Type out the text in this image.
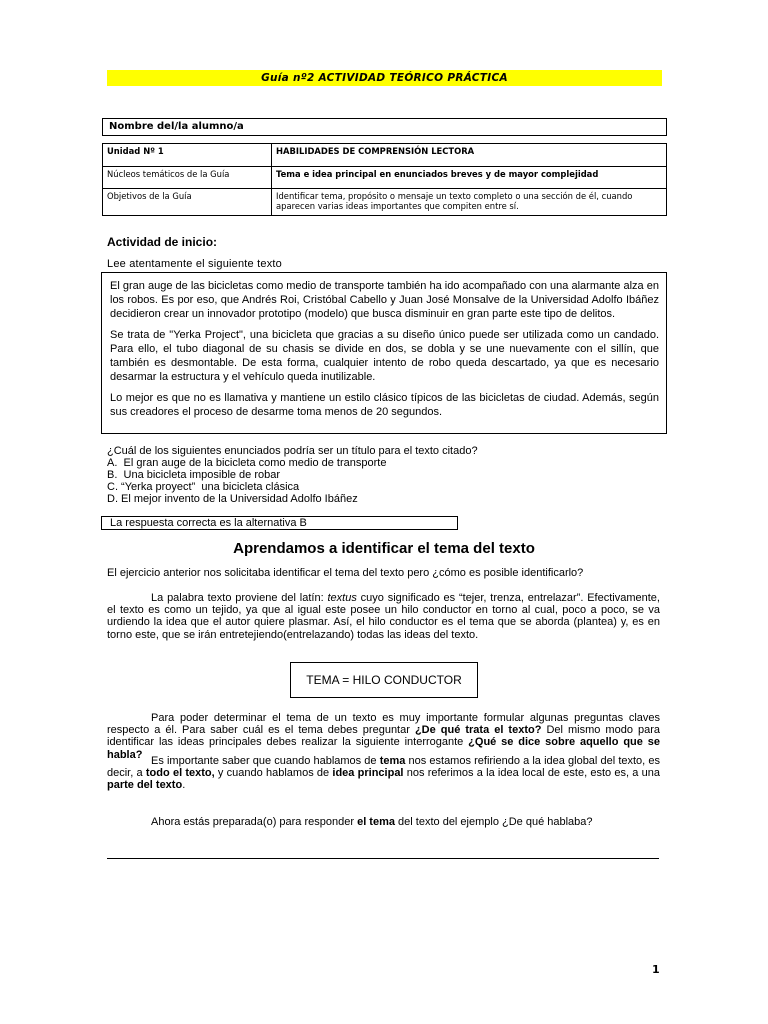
Guía nº2 ACTIVIDAD TEÓRICO PRÁCTICA
Nombre del/la alumno/a
Unidad Nº 1	HABILIDADES DE COMPRENSIÓN LECTORA
Núcleos temáticos de la Guía	Tema e idea principal en enunciados breves y de mayor complejidad
Objetivos de la Guía	Identificar tema, propósito o mensaje un texto completo o una sección de él, cuando aparecen varias ideas importantes que compiten entre sí.
Actividad de inicio:
Lee atentamente el siguiente texto

El gran auge de las bicicletas como medio de transporte también ha ido acompañado con una alarmante alza en los robos. Es por eso, que Andrés Roi, Cristóbal Cabello y Juan José Monsalve de la Universidad Adolfo Ibáñez decidieron crear un innovador prototipo (modelo) que busca disminuir en gran parte este tipo de delitos.

Se trata de "Yerka Project", una bicicleta que gracias a su diseño único puede ser utilizada como un candado. Para ello, el tubo diagonal de su chasis se divide en dos, se dobla y se une nuevamente con el sillín, que también es desmontable. De esta forma, cualquier intento de robo queda descartado, ya que es necesario desarmar la estructura y el vehículo queda inutilizable.

Lo mejor es que no es llamativa y mantiene un estilo clásico típicos de las bicicletas de ciudad. Además, según sus creadores el proceso de desarme toma menos de 20 segundos.

¿Cuál de los siguientes enunciados podría ser un título para el texto citado?
A.  El gran auge de la bicicleta como medio de transporte
B.  Una bicicleta imposible de robar
C. “Yerka proyect”  una bicicleta clásica
D. El mejor invento de la Universidad Adolfo Ibáñez
La respuesta correcta es la alternativa B
Aprendamos a identificar el tema del texto
El ejercicio anterior nos solicitaba identificar el tema del texto pero ¿cómo es posible identificarlo?
La palabra texto proviene del latín: textus cuyo significado es “tejer, trenza, entrelazar”. Efectivamente, el texto es como un tejido, ya que al igual este posee un hilo conductor en torno al cual, poco a poco, se va urdiendo la idea que el autor quiere plasmar. Así, el hilo conductor es el tema que se aborda (plantea) y, es en torno este, que se irán entretejiendo(entrelazando) todas las ideas del texto.
TEMA = HILO CONDUCTOR
Para poder determinar el tema de un texto es muy importante formular algunas preguntas claves respecto a él. Para saber cuál es el tema debes preguntar ¿De qué trata el texto? Del mismo modo para identificar las ideas principales debes realizar la siguiente interrogante ¿Qué se dice sobre aquello que se habla?
Es importante saber que cuando hablamos de tema nos estamos refiriendo a la idea global del texto, es decir, a todo el texto, y cuando hablamos de idea principal nos referimos a la idea local de este, esto es, a una parte del texto.
Ahora estás preparada(o) para responder el tema del texto del ejemplo ¿De qué hablaba?
1
